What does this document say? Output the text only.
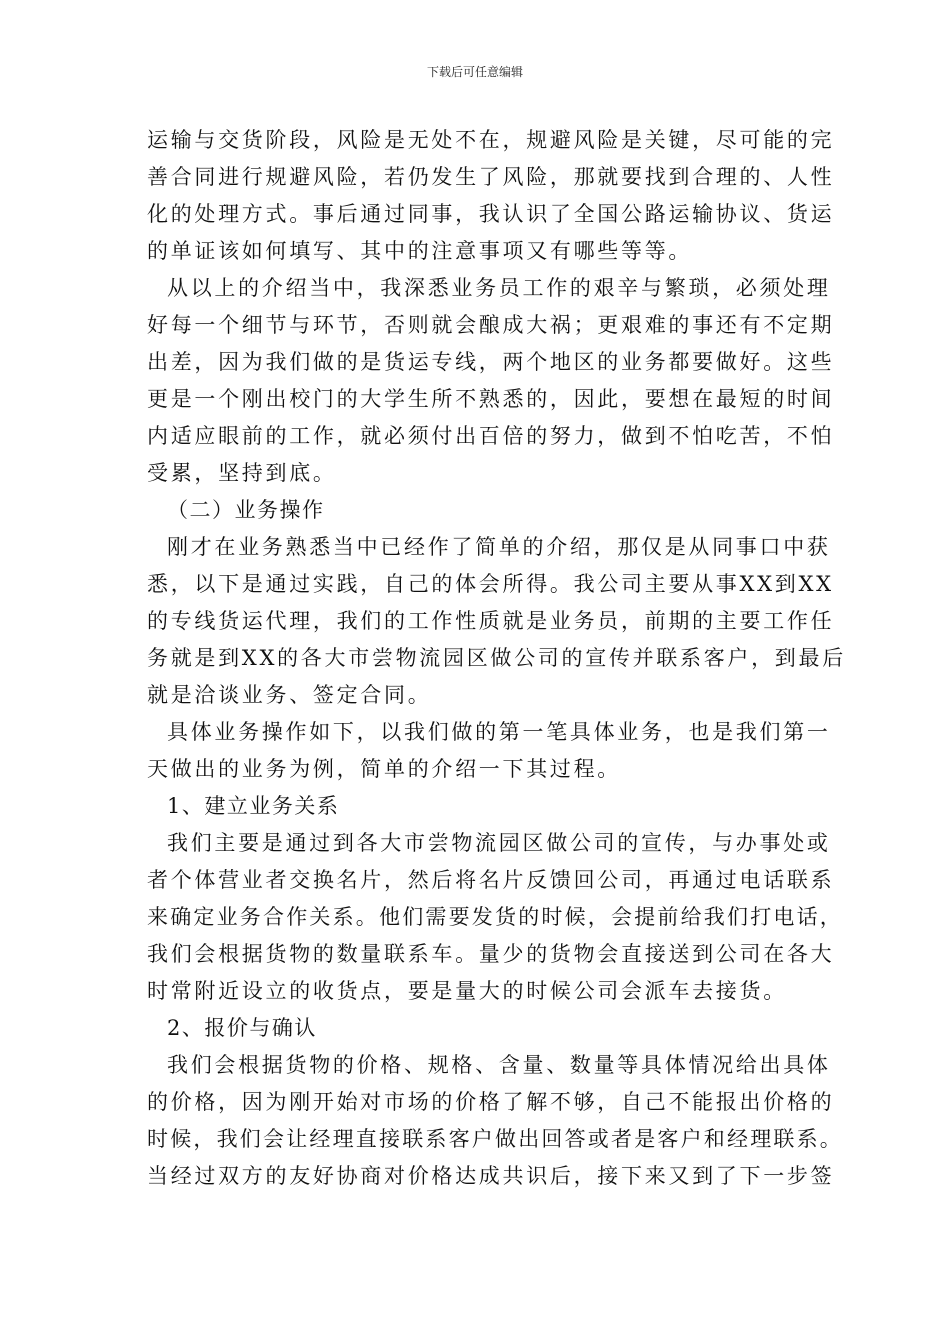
下载后可任意编辑
运输与交货阶段，风险是无处不在，规避风险是关键，尽可能的完
善合同进行规避风险，若仍发生了风险，那就要找到合理的、人性
化的处理方式。事后通过同事，我认识了全国公路运输协议、货运
的单证该如何填写、其中的注意事项又有哪些等等。
从以上的介绍当中，我深悉业务员工作的艰辛与繁琐，必须处理
好每一个细节与环节，否则就会酿成大祸；更艰难的事还有不定期
出差，因为我们做的是货运专线，两个地区的业务都要做好。这些
更是一个刚出校门的大学生所不熟悉的，因此，要想在最短的时间
内适应眼前的工作，就必须付出百倍的努力，做到不怕吃苦，不怕
受累，坚持到底。
（二）业务操作
刚才在业务熟悉当中已经作了简单的介绍，那仅是从同事口中获
悉，以下是通过实践，自己的体会所得。我公司主要从事XX到XX
的专线货运代理，我们的工作性质就是业务员，前期的主要工作任
务就是到XX的各大市尝物流园区做公司的宣传并联系客户，到最后
就是洽谈业务、签定合同。
具体业务操作如下，以我们做的第一笔具体业务，也是我们第一
天做出的业务为例，简单的介绍一下其过程。
1、建立业务关系
我们主要是通过到各大市尝物流园区做公司的宣传，与办事处或
者个体营业者交换名片，然后将名片反馈回公司，再通过电话联系
来确定业务合作关系。他们需要发货的时候，会提前给我们打电话，
我们会根据货物的数量联系车。量少的货物会直接送到公司在各大
时常附近设立的收货点，要是量大的时候公司会派车去接货。
2、报价与确认
我们会根据货物的价格、规格、含量、数量等具体情况给出具体
的价格，因为刚开始对市场的价格了解不够，自己不能报出价格的
时候，我们会让经理直接联系客户做出回答或者是客户和经理联系。
当经过双方的友好协商对价格达成共识后，接下来又到了下一步签
